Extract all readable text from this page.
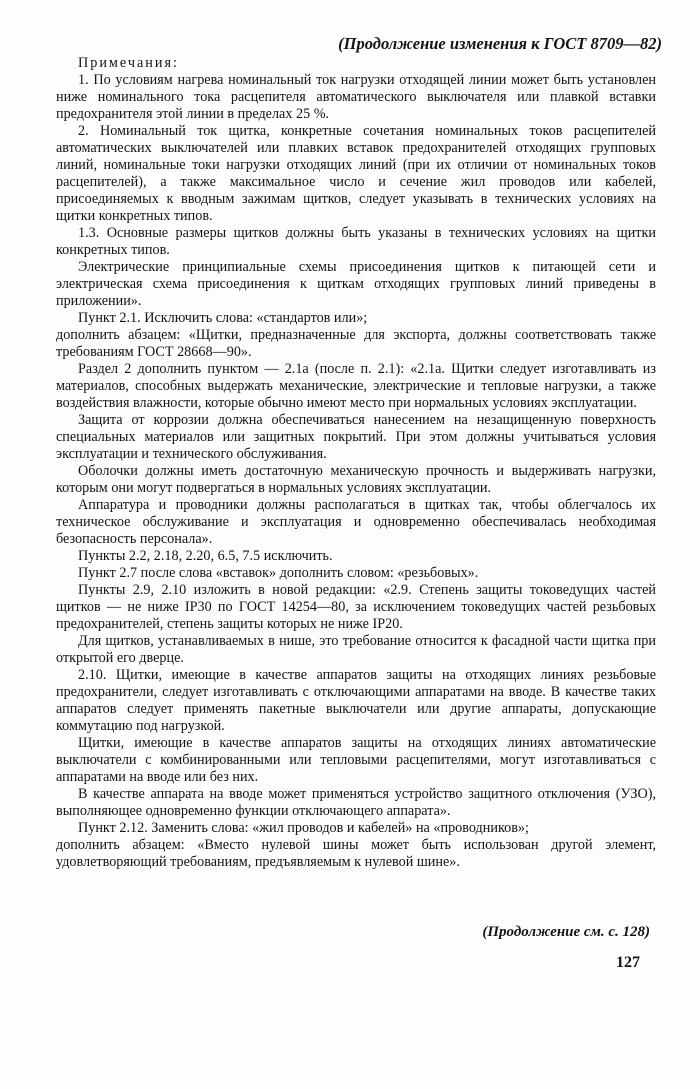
(Продолжение изменения к ГОСТ 8709—82)

Примечания:

1. По условиям нагрева номинальный ток нагрузки отходящей линии может быть установлен ниже номинального тока расцепителя автоматического выключателя или плавкой вставки предохранителя этой линии в пределах 25 %.

2. Номинальный ток щитка, конкретные сочетания номинальных токов расцепителей автоматических выключателей или плавких вставок предохранителей отходящих групповых линий, номинальные токи нагрузки отходящих линий (при их отличии от номинальных токов расцепителей), а также максимальное число и сечение жил проводов или кабелей, присоединяемых к вводным зажимам щитков, следует указывать в технических условиях на щитки конкретных типов.

1.3. Основные размеры щитков должны быть указаны в технических условиях на щитки конкретных типов.

Электрические принципиальные схемы присоединения щитков к питающей сети и электрическая схема присоединения к щиткам отходящих групповых линий приведены в приложении».

Пункт 2.1. Исключить слова: «стандартов или»;

дополнить абзацем: «Щитки, предназначенные для экспорта, должны соответствовать также требованиям ГОСТ 28668—90».

Раздел 2 дополнить пунктом — 2.1а (после п. 2.1): «2.1а. Щитки следует изготавливать из материалов, способных выдержать механические, электрические и тепловые нагрузки, а также воздействия влажности, которые обычно имеют место при нормальных условиях эксплуатации.

Защита от коррозии должна обеспечиваться нанесением на незащищенную поверхность специальных материалов или защитных покрытий. При этом должны учитываться условия эксплуатации и технического обслуживания.

Оболочки должны иметь достаточную механическую прочность и выдерживать нагрузки, которым они могут подвергаться в нормальных условиях эксплуатации.

Аппаратура и проводники должны располагаться в щитках так, чтобы облегчалось их техническое обслуживание и эксплуатация и одновременно обеспечивалась необходимая безопасность персонала».

Пункты 2.2, 2.18, 2.20, 6.5, 7.5 исключить.

Пункт 2.7 после слова «вставок» дополнить словом: «резьбовых».

Пункты 2.9, 2.10 изложить в новой редакции: «2.9. Степень защиты токоведущих частей щитков — не ниже IP30 по ГОСТ 14254—80, за исключением токоведущих частей резьбовых предохранителей, степень защиты которых не ниже IP20.

Для щитков, устанавливаемых в нише, это требование относится к фасадной части щитка при открытой его дверце.

2.10. Щитки, имеющие в качестве аппаратов защиты на отходящих линиях резьбовые предохранители, следует изготавливать с отключающими аппаратами на вводе. В качестве таких аппаратов следует применять пакетные выключатели или другие аппараты, допускающие коммутацию под нагрузкой.

Щитки, имеющие в качестве аппаратов защиты на отходящих линиях автоматические выключатели с комбинированными или тепловыми расцепителями, могут изготавливаться с аппаратами на вводе или без них.

В качестве аппарата на вводе может применяться устройство защитного отключения (УЗО), выполняющее одновременно функции отключающего аппарата».

Пункт 2.12. Заменить слова: «жил проводов и кабелей» на «проводников»;

дополнить абзацем: «Вместо нулевой шины может быть использован другой элемент, удовлетворяющий требованиям, предъявляемым к нулевой шине».

(Продолжение см. с. 128)
127
